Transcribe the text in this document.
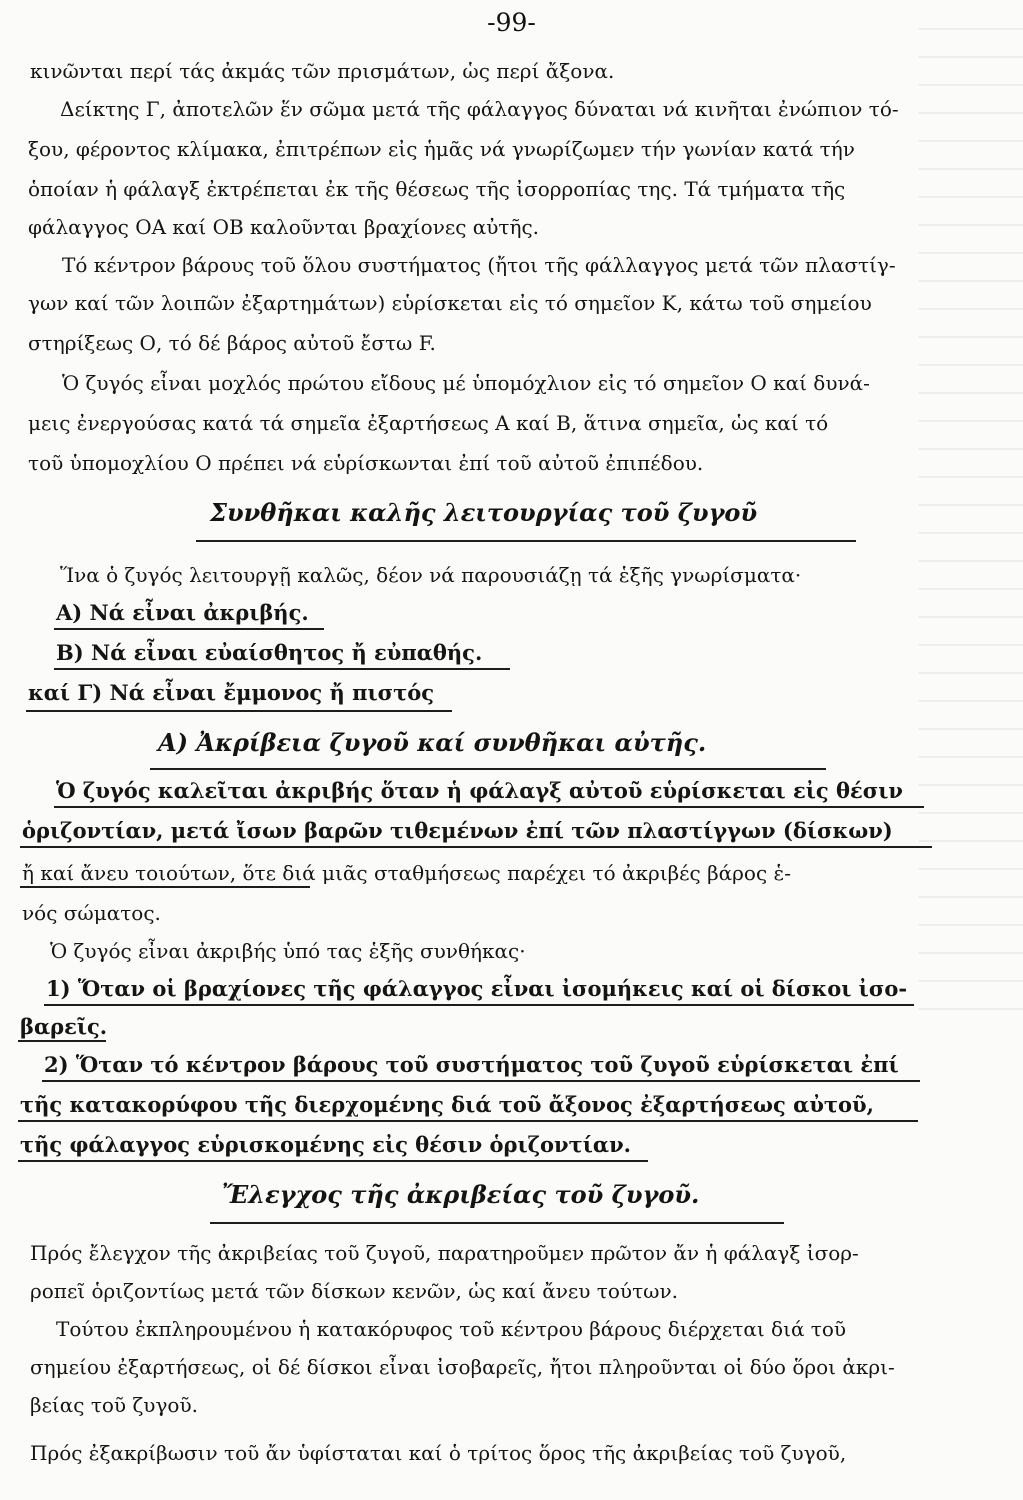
-99-
κινῶνται περί τάς ἀκμάς τῶν πρισμάτων, ὡς περί ἄξονα.
Δείκτης Γ, ἀποτελῶν ἕν σῶμα μετά τῆς φάλαγγος δύναται νά κινῆται ἐνώπιον τό-
ξου, φέροντος κλίμακα, ἐπιτρέπων εἰς ἡμᾶς νά γνωρίζωμεν τήν γωνίαν κατά τήν
ὁποίαν ἡ φάλαγξ ἐκτρέπεται ἐκ τῆς θέσεως τῆς ἰσορροπίας της. Τά τμήματα τῆς
φάλαγγος ΟΑ καί ΟΒ καλοῦνται βραχίονες αὐτῆς.
Τό κέντρον βάρους τοῦ ὅλου συστήματος (ἤτοι τῆς φάλλαγγος μετά τῶν πλαστίγ-
γων καί τῶν λοιπῶν ἐξαρτημάτων) εὑρίσκεται εἰς τό σημεῖον Κ, κάτω τοῦ σημείου
στηρίξεως Ο, τό δέ βάρος αὐτοῦ ἔστω F.
Ὁ ζυγός εἶναι μοχλός πρώτου εἴδους μέ ὑπομόχλιον εἰς τό σημεῖον Ο καί δυνά-
μεις ἐνεργούσας κατά τά σημεῖα ἐξαρτήσεως Α καί Β, ἅτινα σημεῖα, ὡς καί τό
τοῦ ὑπομοχλίου Ο πρέπει νά εὑρίσκωνται ἐπί τοῦ αὐτοῦ ἐπιπέδου.
Συνθῆκαι καλῆς λειτουργίας τοῦ ζυγοῦ
Ἵνα ὁ ζυγός λειτουργῇ καλῶς, δέον νά παρουσιάζῃ τά ἑξῆς γνωρίσματα·
Α) Νά εἶναι ἀκριβής.
Β) Νά εἶναι εὐαίσθητος ἤ εὐπαθής.
καί Γ) Νά εἶναι ἔμμονος ἤ πιστός
Α) Ἀκρίβεια ζυγοῦ καί συνθῆκαι αὐτῆς.
Ὁ ζυγός καλεῖται ἀκριβής ὅταν ἡ φάλαγξ αὐτοῦ εὑρίσκεται εἰς θέσιν
ὁριζοντίαν, μετά ἴσων βαρῶν τιθεμένων ἐπί τῶν πλαστίγγων (δίσκων)
ἤ καί ἄνευ τοιούτων, ὅτε διά μιᾶς σταθμήσεως παρέχει τό ἀκριβές βάρος ἑ-
νός σώματος.
Ὁ ζυγός εἶναι ἀκριβής ὑπό τας ἑξῆς συνθήκας·
1) Ὅταν οἱ βραχίονες τῆς φάλαγγος εἶναι ἰσομήκεις καί οἱ δίσκοι ἰσο-
βαρεῖς.
2) Ὅταν τό κέντρον βάρους τοῦ συστήματος τοῦ ζυγοῦ εὑρίσκεται ἐπί
τῆς κατακορύφου τῆς διερχομένης διά τοῦ ἄξονος ἐξαρτήσεως αὐτοῦ,
τῆς φάλαγγος εὑρισκομένης εἰς θέσιν ὁριζοντίαν.
Ἔλεγχος τῆς ἀκριβείας τοῦ ζυγοῦ.
Πρός ἔλεγχον τῆς ἀκριβείας τοῦ ζυγοῦ, παρατηροῦμεν πρῶτον ἄν ἡ φάλαγξ ἰσορ-
ροπεῖ ὁριζοντίως μετά τῶν δίσκων κενῶν, ὡς καί ἄνευ τούτων.
Τούτου ἐκπληρουμένου ἡ κατακόρυφος τοῦ κέντρου βάρους διέρχεται διά τοῦ
σημείου ἐξαρτήσεως, οἱ δέ δίσκοι εἶναι ἰσοβαρεῖς, ἤτοι πληροῦνται οἱ δύο ὅροι ἀκρι-
βείας τοῦ ζυγοῦ.
Πρός ἐξακρίβωσιν τοῦ ἄν ὑφίσταται καί ὁ τρίτος ὅρος τῆς ἀκριβείας τοῦ ζυγοῦ,
